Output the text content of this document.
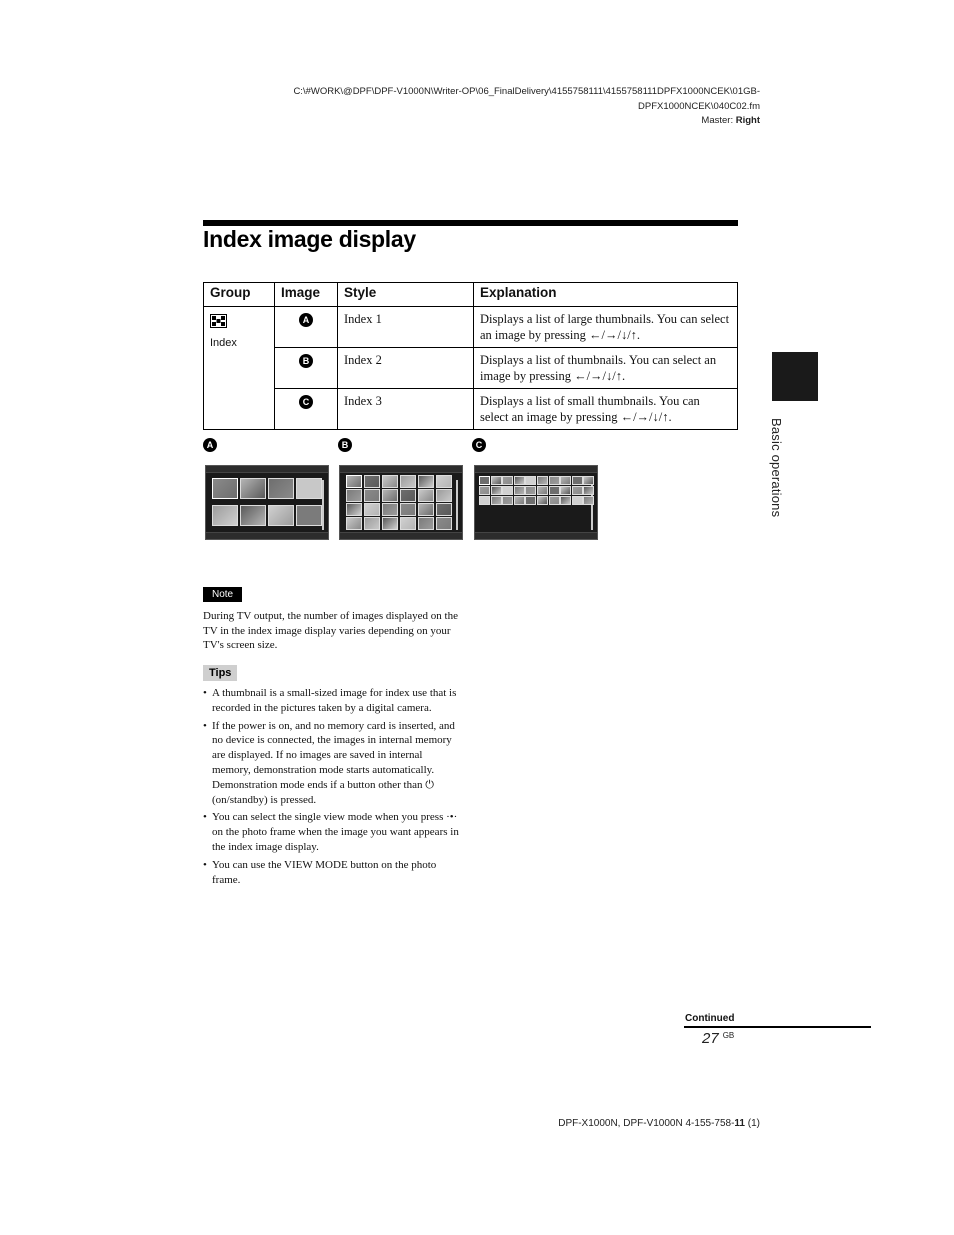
C:\#WORK\@DPF\DPF-V1000N\Writer-OP\06_FinalDelivery\4155758111\4155758111DPFX1000NCEK\01GB-
DPFX1000NCEK\040C02.fm
Master: Right
Index image display
Group	Image	Style	Explanation

Index	A	Index 1	Displays a list of large thumbnails. You can select an image by pressing ←/→/↓/↑.
	B	Index 2	Displays a list of thumbnails. You can select an image by pressing ←/→/↓/↑.
	C	Index 3	Displays a list of small thumbnails. You can select an image by pressing ←/→/↓/↑.
A	B	C	Basic operations
Note
During TV output, the number of images displayed on the TV in the index image display varies depending on your TV's screen size.
Tips
• A thumbnail is a small-sized image for index use that is recorded in the pictures taken by a digital camera.
• If the power is on, and no memory card is inserted, and no device is connected, the images in internal memory are displayed. If no images are saved in internal memory, demonstration mode starts automatically. Demonstration mode ends if a button other than ⏻ (on/standby) is pressed.
• You can select the single view mode when you press ·•· on the photo frame when the image you want appears in the index image display.
• You can use the VIEW MODE button on the photo frame.
Continued
27 $^{GB}$
DPF-X1000N, DPF-V1000N 4-155-758-11 (1)
